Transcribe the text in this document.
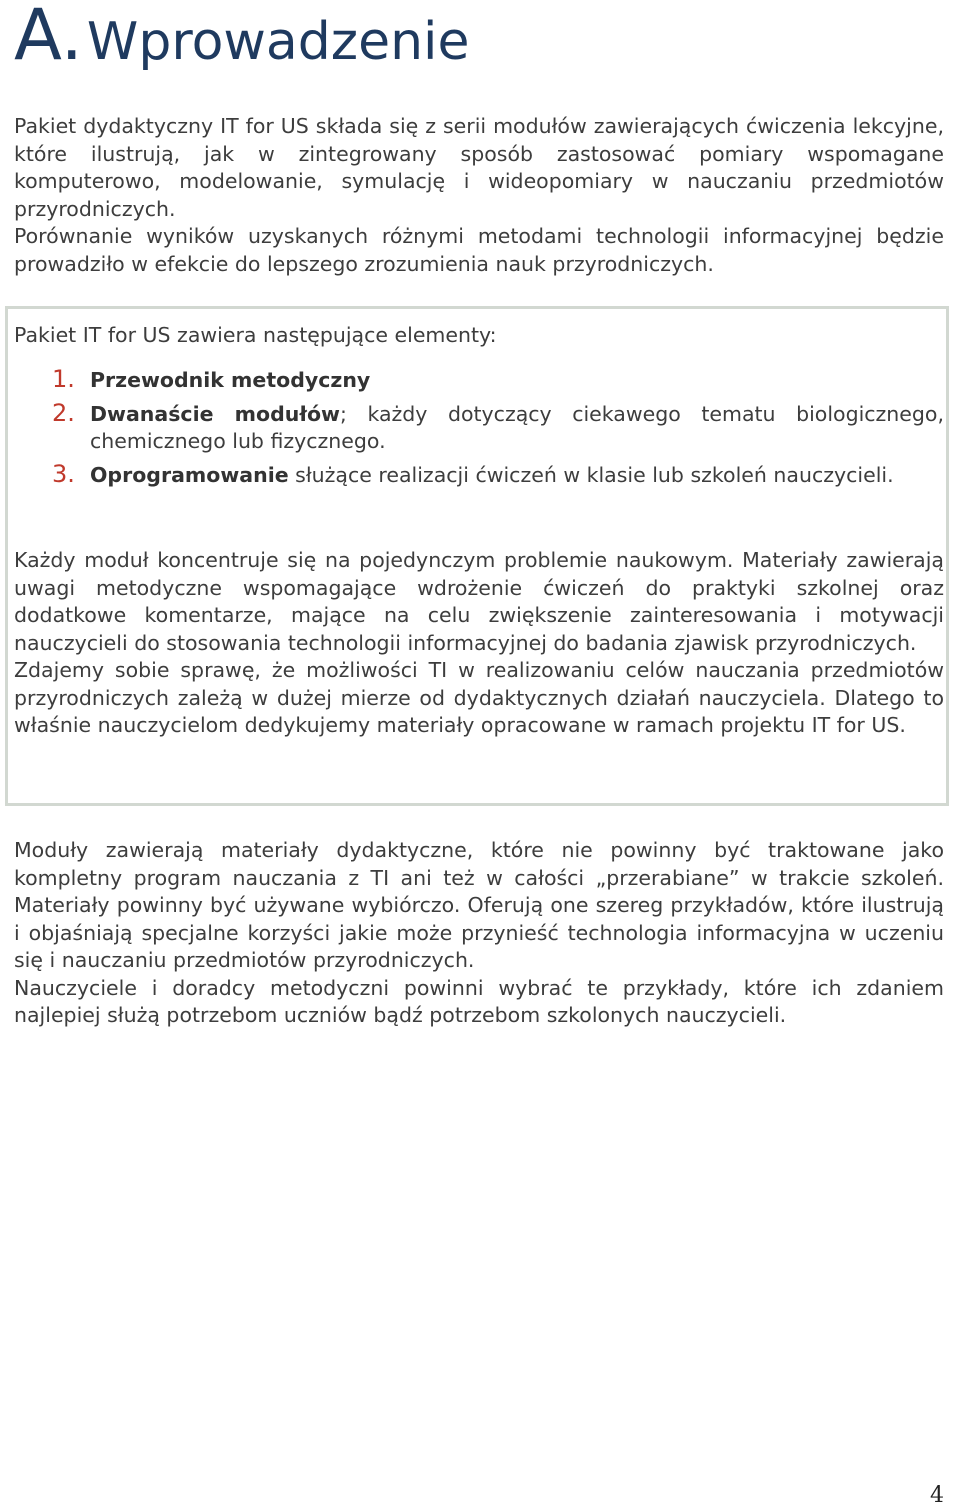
A.Wprowadzenie

Pakiet dydaktyczny IT for US składa się z serii modułów zawierających ćwiczenia lekcyjne, które ilustrują, jak w zintegrowany sposób zastosować pomiary wspomagane komputerowo, modelowanie, symulację i wideopomiary w nauczaniu przedmiotów przyrodniczych.

Porównanie wyników uzyskanych różnymi metodami technologii informacyjnej będzie prowadziło w efekcie do lepszego zrozumienia nauk przyrodniczych.

Pakiet IT for US zawiera następujące elementy:

1. Przewodnik metodyczny

2. Dwanaście modułów; każdy dotyczący ciekawego tematu biologicznego, chemicznego lub fizycznego.

3. Oprogramowanie służące realizacji ćwiczeń w klasie lub szkoleń nauczycieli.

Każdy moduł koncentruje się na pojedynczym problemie naukowym. Materiały zawierają uwagi metodyczne wspomagające wdrożenie ćwiczeń do praktyki szkolnej oraz dodatkowe komentarze, mające na celu zwiększenie zainteresowania i motywacji nauczycieli do stosowania technologii informacyjnej do badania zjawisk przyrodniczych.

Zdajemy sobie sprawę, że możliwości TI w realizowaniu celów nauczania przedmiotów przyrodniczych zależą w dużej mierze od dydaktycznych działań nauczyciela. Dlatego to właśnie nauczycielom dedykujemy materiały opracowane w ramach projektu IT for US.

Moduły zawierają materiały dydaktyczne, które nie powinny być traktowane jako kompletny program nauczania z TI ani też w całości „przerabiane” w trakcie szkoleń. Materiały powinny być używane wybiórczo. Oferują one szereg przykładów, które ilustrują i objaśniają specjalne korzyści jakie może przynieść technologia informacyjna w uczeniu się i nauczaniu przedmiotów przyrodniczych.

Nauczyciele i doradcy metodyczni powinni wybrać te przykłady, które ich zdaniem najlepiej służą potrzebom uczniów bądź potrzebom szkolonych nauczycieli.

4
